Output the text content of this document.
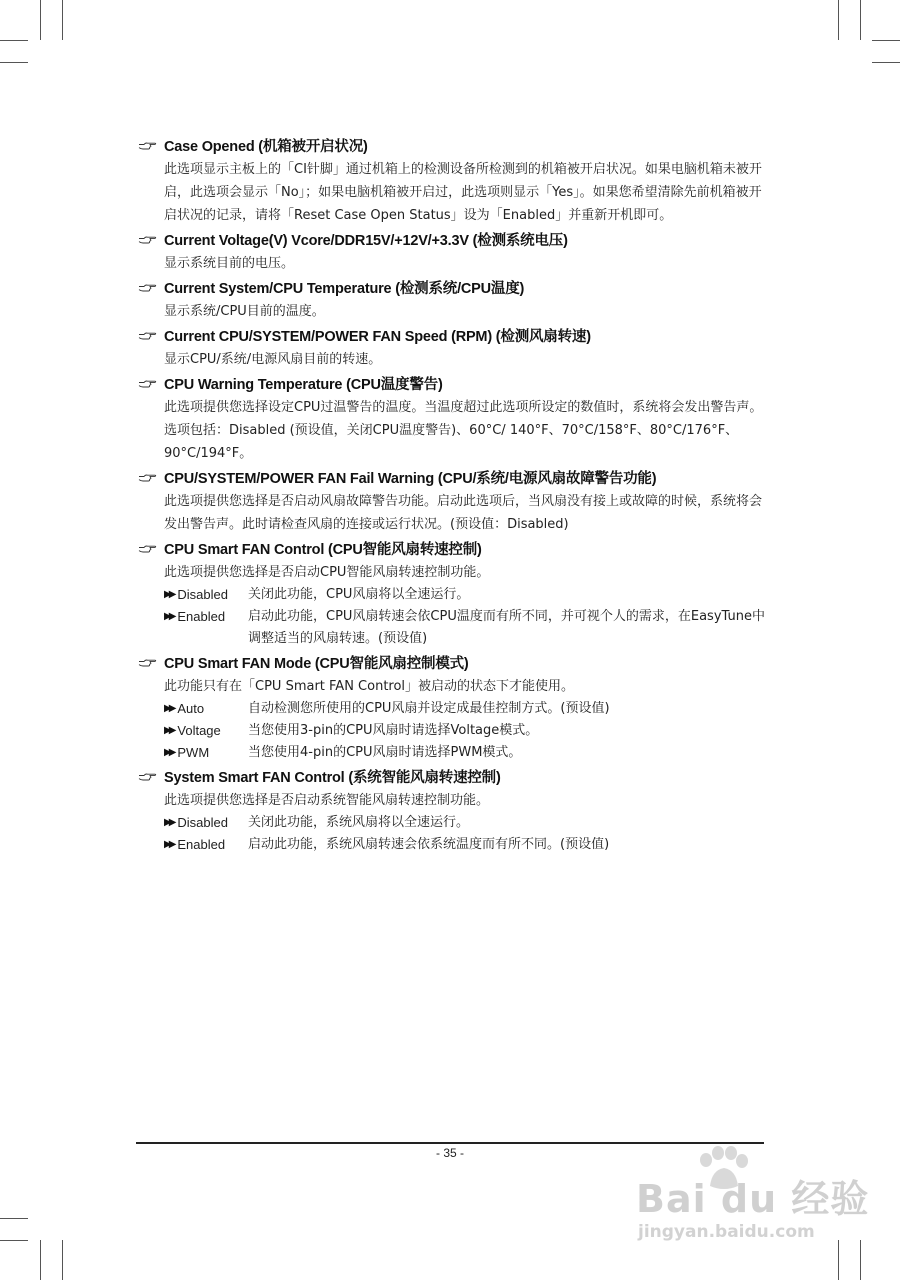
Case Opened (机箱被开启状况)
此选项显示主板上的「CI针脚」通过机箱上的检测设备所检测到的机箱被开启状况。如果电脑机箱未被开启，此选项会显示「No」；如果电脑机箱被开启过，此选项则显示「Yes」。如果您希望清除先前机箱被开启状况的记录，请将「Reset Case Open Status」设为「Enabled」并重新开机即可。
Current Voltage(V) Vcore/DDR15V/+12V/+3.3V (检测系统电压)
显示系统目前的电压。
Current System/CPU Temperature (检测系统/CPU温度)
显示系统/CPU目前的温度。
Current CPU/SYSTEM/POWER FAN Speed (RPM) (检测风扇转速)
显示CPU/系统/电源风扇目前的转速。
CPU Warning Temperature (CPU温度警告)
此选项提供您选择设定CPU过温警告的温度。当温度超过此选项所设定的数值时，系统将会发出警告声。选项包括：Disabled (预设值，关闭CPU温度警告)、60°C/ 140°F、70°C/158°F、80°C/176°F、90°C/194°F。
CPU/SYSTEM/POWER FAN Fail Warning (CPU/系统/电源风扇故障警告功能)
此选项提供您选择是否启动风扇故障警告功能。启动此选项后，当风扇没有接上或故障的时候，系统将会发出警告声。此时请检查风扇的连接或运行状况。(预设值：Disabled)
CPU Smart FAN Control (CPU智能风扇转速控制)
此选项提供您选择是否启动CPU智能风扇转速控制功能。
▶▶ Disabled 关闭此功能，CPU风扇将以全速运行。
▶▶ Enabled 启动此功能，CPU风扇转速会依CPU温度而有所不同，并可视个人的需求，在EasyTune中调整适当的风扇转速。(预设值)
CPU Smart FAN Mode (CPU智能风扇控制模式)
此功能只有在「CPU Smart FAN Control」被启动的状态下才能使用。
▶▶ Auto	自动检测您所使用的CPU风扇并设定成最佳控制方式。(预设值)
▶▶ Voltage 当您使用3-pin的CPU风扇时请选择Voltage模式。
▶▶ PWM	当您使用4-pin的CPU风扇时请选择PWM模式。
System Smart FAN Control (系统智能风扇转速控制)
此选项提供您选择是否启动系统智能风扇转速控制功能。
▶▶ Disabled 关闭此功能，系统风扇将以全速运行。
▶▶ Enabled 启动此功能，系统风扇转速会依系统温度而有所不同。(预设值)
- 35 -
Bai du 经验
jingyan.baidu.com
